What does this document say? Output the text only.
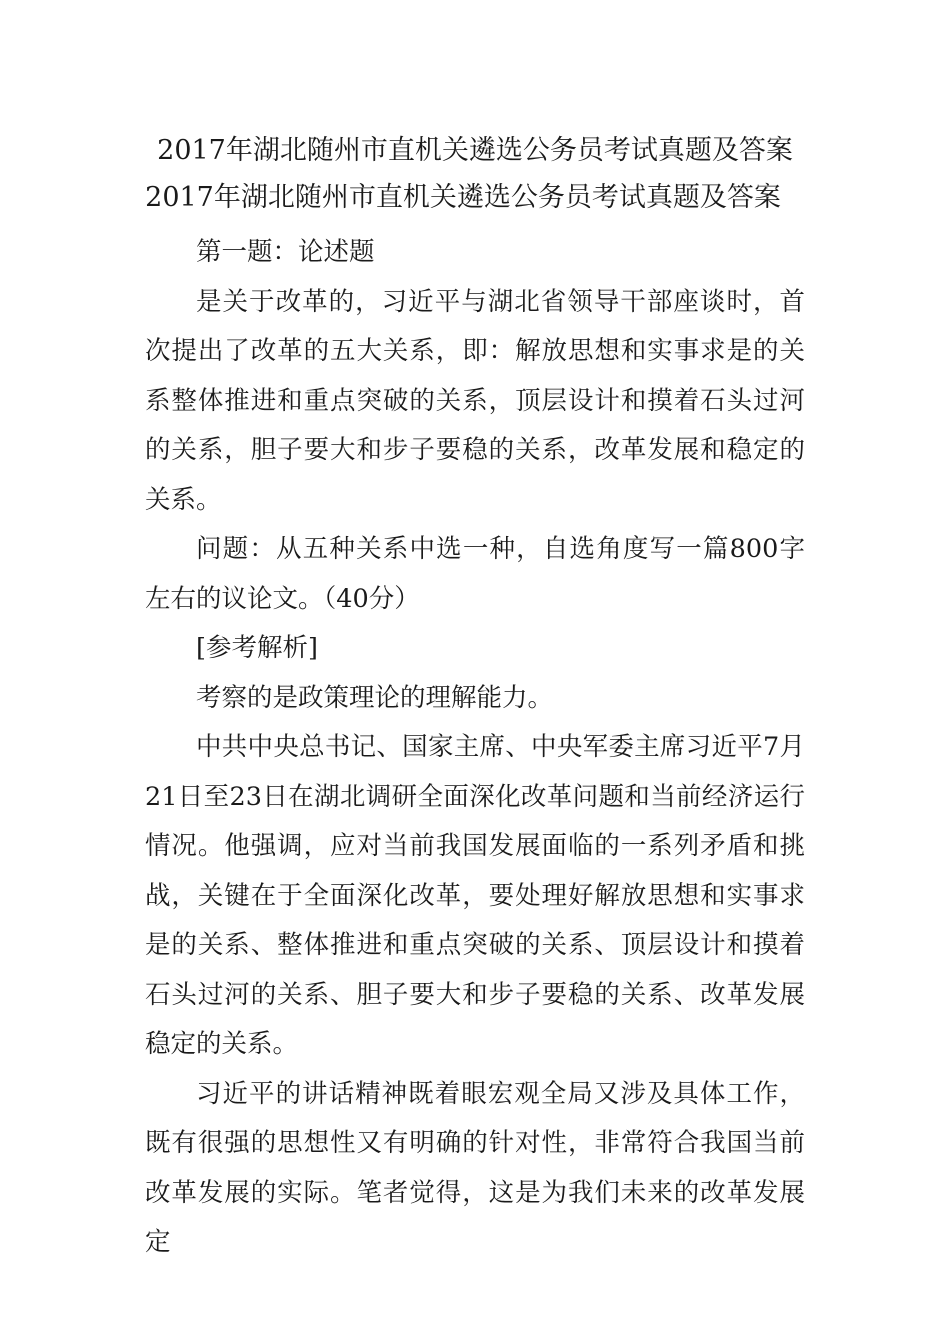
2017年湖北随州市直机关遴选公务员考试真题及答案
2017年湖北随州市直机关遴选公务员考试真题及答案

第一题：论述题

是关于改革的，习近平与湖北省领导干部座谈时，首次提出了改革的五大关系，即：解放思想和实事求是的关系整体推进和重点突破的关系，顶层设计和摸着石头过河的关系，胆子要大和步子要稳的关系，改革发展和稳定的关系。

问题：从五种关系中选一种，自选角度写一篇800字左右的议论文。（40分）

[参考解析]

考察的是政策理论的理解能力。

中共中央总书记、国家主席、中央军委主席习近平7月21日至23日在湖北调研全面深化改革问题和当前经济运行情况。他强调，应对当前我国发展面临的一系列矛盾和挑战，关键在于全面深化改革，要处理好解放思想和实事求是的关系、整体推进和重点突破的关系、顶层设计和摸着石头过河的关系、胆子要大和步子要稳的关系、改革发展稳定的关系。

习近平的讲话精神既着眼宏观全局又涉及具体工作，既有很强的思想性又有明确的针对性，非常符合我国当前改革发展的实际。笔者觉得，这是为我们未来的改革发展定
